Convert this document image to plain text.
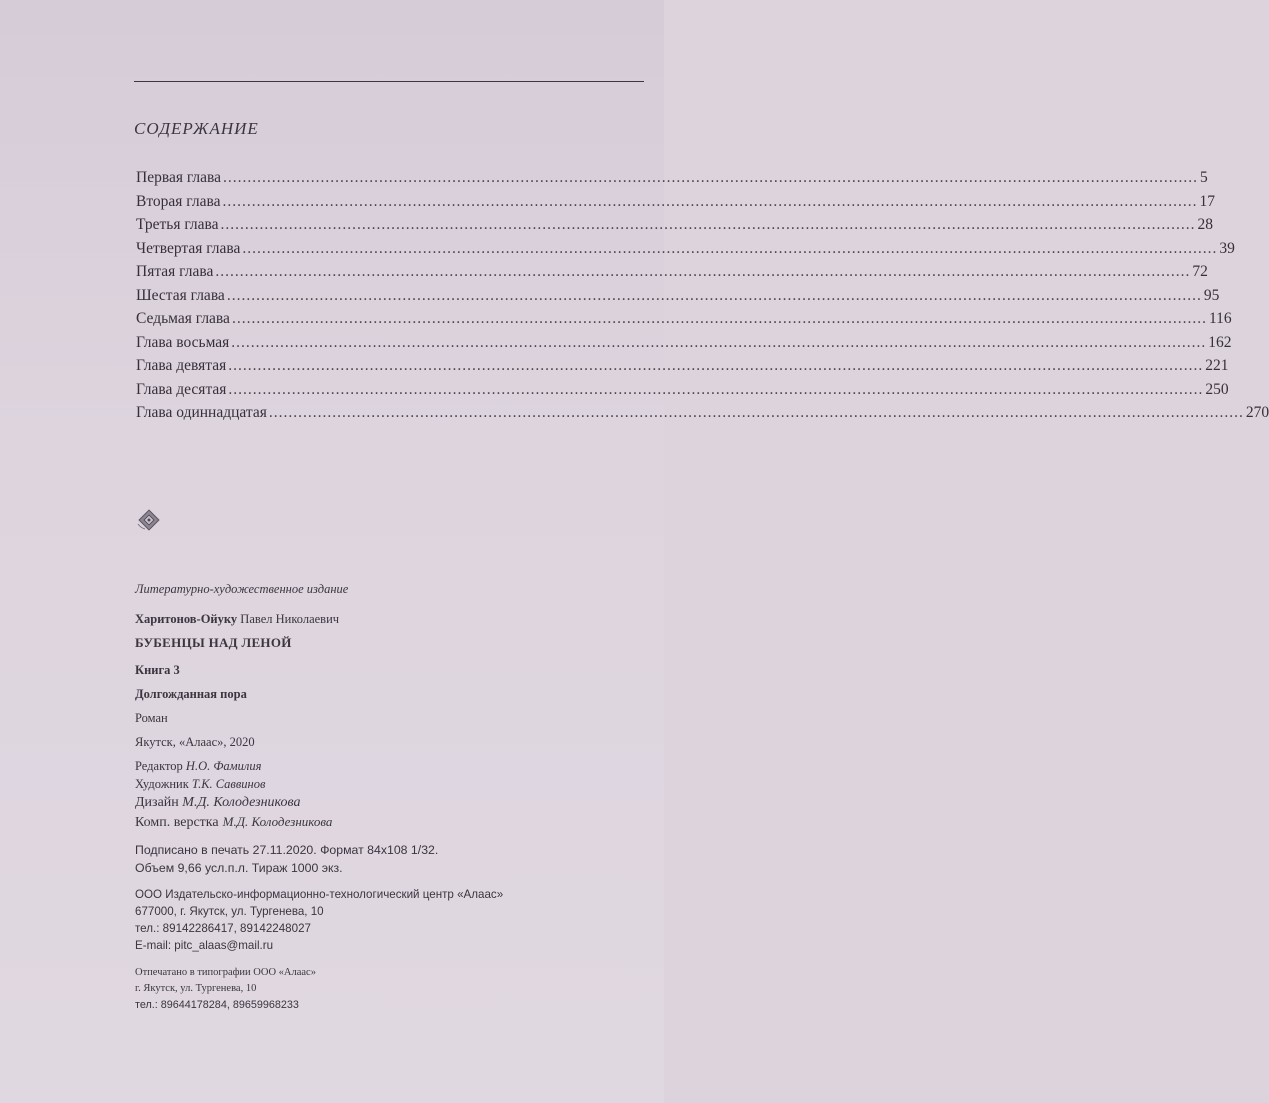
СОДЕРЖАНИЕ
Первая глава ........................................................................................................................................................................................................ 5
Вторая глава ........................................................................................................................................................................................................ 17
Третья глава ........................................................................................................................................................................................................ 28
Четвертая глава ........................................................................................................................................................................................................ 39
Пятая глава ........................................................................................................................................................................................................ 72
Шестая глава ........................................................................................................................................................................................................ 95
Седьмая глава ........................................................................................................................................................................................................ 116
Глава восьмая ........................................................................................................................................................................................................ 162
Глава девятая ........................................................................................................................................................................................................ 221
Глава десятая ........................................................................................................................................................................................................ 250
Глава одиннадцатая ........................................................................................................................................................................................................ 270
Литературно-художественное издание
Харитонов-Ойуку Павел Николаевич
БУБЕНЦЫ НАД ЛЕНОЙ
Книга 3
Долгожданная пора
Роман
Якутск, «Алаас», 2020
Редактор Н.О. Фамилия
Художник Т.К. Саввинов
Дизайн М.Д. Колодезникова
Комп. верстка М.Д. Колодезникова
Подписано в печать 27.11.2020. Формат 84х108 1/32.
Объем 9,66 усл.п.л. Тираж 1000 экз.
ООО Издательско-информационно-технологический центр «Алаас»
677000, г. Якутск, ул. Тургенева, 10
тел.: 89142286417, 89142248027
E-mail: pitc_alaas@mail.ru
Отпечатано в типографии ООО «Алаас»
г. Якутск, ул. Тургенева, 10
тел.: 89644178284, 89659968233
